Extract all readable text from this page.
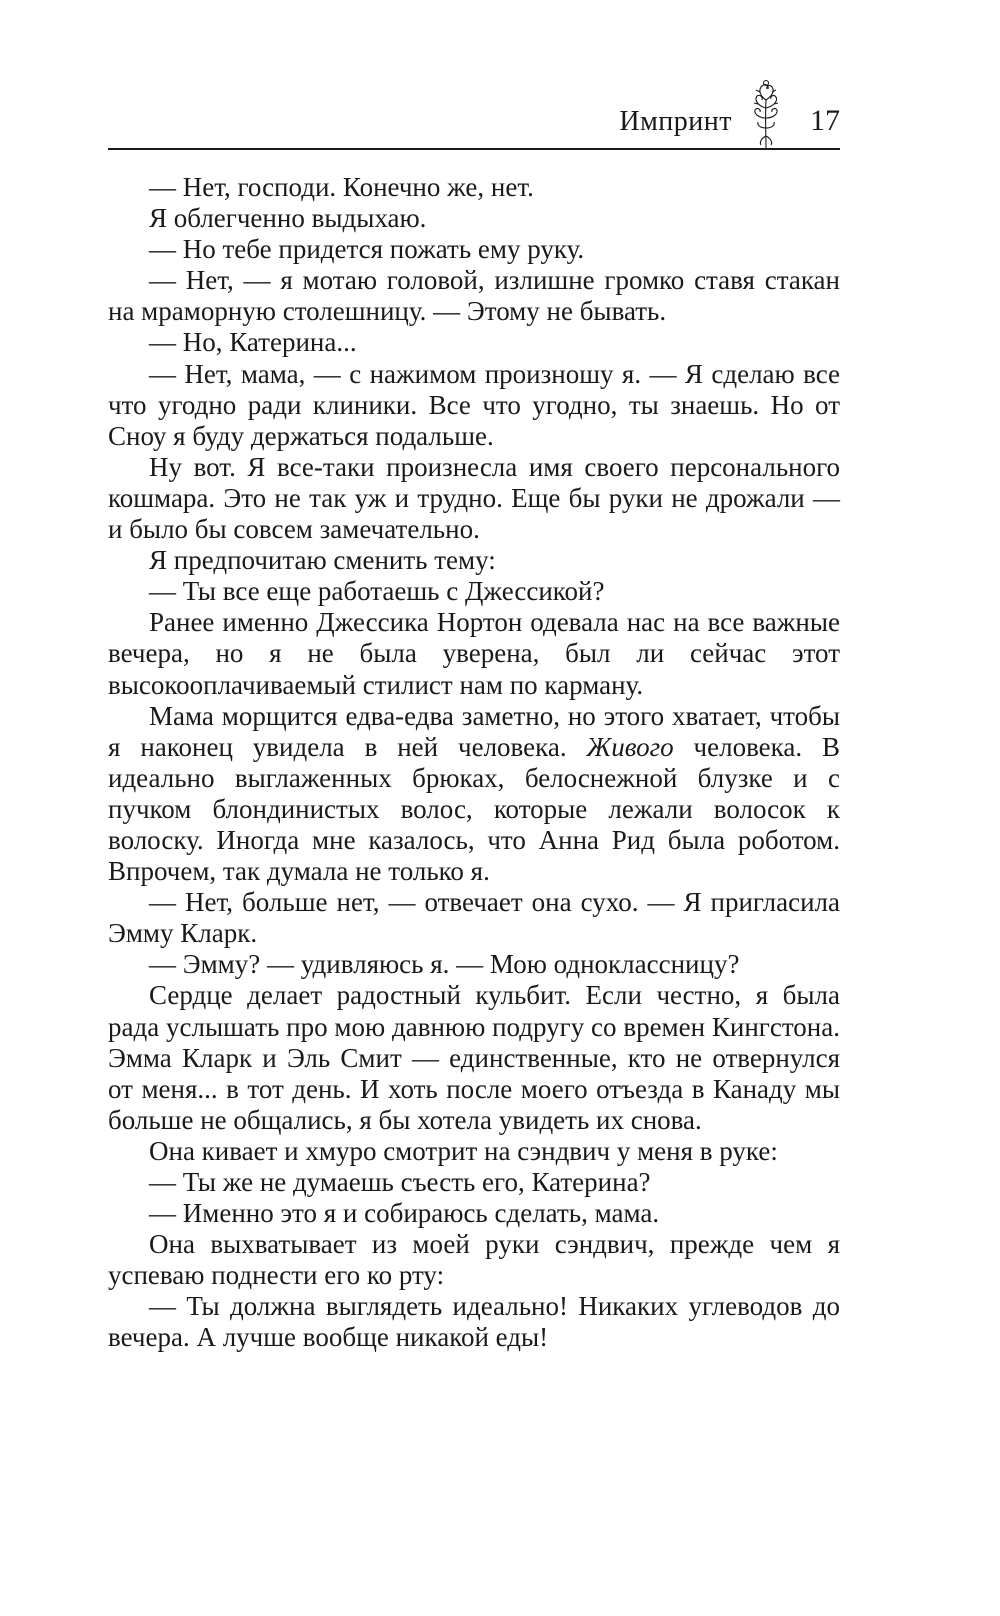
Импринт	17

— Нет, господи. Конечно же, нет.

Я облегченно выдыхаю.

— Но тебе придется пожать ему руку.

— Нет, — я мотаю головой, излишне громко ставя стакан на мраморную столешницу. — Этому не бывать.

— Но, Катерина...

— Нет, мама, — с нажимом произношу я. — Я сделаю все что угодно ради клиники. Все что угодно, ты знаешь. Но от Сноу я буду держаться подальше.

Ну вот. Я все-таки произнесла имя своего персонального кошмара. Это не так уж и трудно. Еще бы руки не дрожали — и было бы совсем замечательно.

Я предпочитаю сменить тему:

— Ты все еще работаешь с Джессикой?

Ранее именно Джессика Нортон одевала нас на все важные вечера, но я не была уверена, был ли сейчас этот высокооплачиваемый стилист нам по карману.

Мама морщится едва-едва заметно, но этого хватает, чтобы я наконец увидела в ней человека. Живого человека. В идеально выглаженных брюках, белоснежной блузке и с пучком блондинистых волос, которые лежали волосок к волоску. Иногда мне казалось, что Анна Рид была роботом. Впрочем, так думала не только я.

— Нет, больше нет, — отвечает она сухо. — Я пригласила Эмму Кларк.

— Эмму? — удивляюсь я. — Мою одноклассницу?

Сердце делает радостный кульбит. Если честно, я была рада услышать про мою давнюю подругу со времен Кингстона. Эмма Кларк и Эль Смит — единственные, кто не отвернулся от меня... в тот день. И хоть после моего отъезда в Канаду мы больше не общались, я бы хотела увидеть их снова.

Она кивает и хмуро смотрит на сэндвич у меня в руке:

— Ты же не думаешь съесть его, Катерина?

— Именно это я и собираюсь сделать, мама.

Она выхватывает из моей руки сэндвич, прежде чем я успеваю поднести его ко рту:

— Ты должна выглядеть идеально! Никаких углеводов до вечера. А лучше вообще никакой еды!
